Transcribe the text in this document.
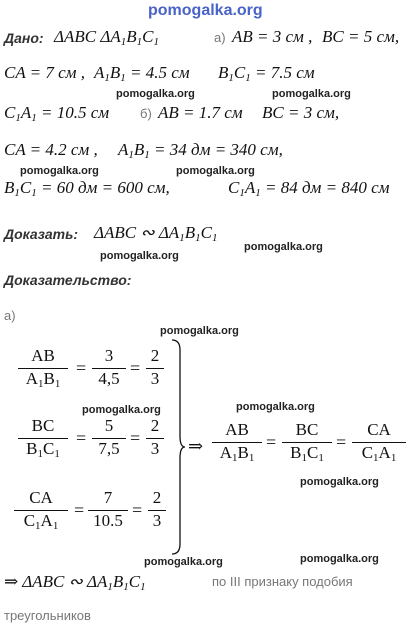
pomogalka.org
Дано: ΔABC $\Delta A_1B_1C_1$	а) AB = 3 см , BC = 5 см,
CA = 7 см , $A_1B_1 = 4.5$ см $B_1C_1 = 7.5$ см
pomogalka.org	pomogalka.org
$C_1A_1 = 10.5$ см б) AB = 1.7 см BC = 3 см,
CA = 4.2 см , $A_1B_1 = 34$ дм = 340 см,
pomogalka.org	pomogalka.org
$B_1C_1 = 60$ дм = 600 см,	$C_1A_1 = 84$ дм = 840 см
Доказать: ΔABC ∾ $\Delta A_1B_1C_1$
pomogalka.org
pomogalka.org
Доказательство:
а)
pomogalka.org
$\frac{AB}{A_1B_1} = \frac{3}{4,5} = \frac{2}{3}$
pomogalka.org
$\frac{BC}{B_1C_1} = \frac{5}{7,5} = \frac{2}{3}$
$\frac{CA}{C_1A_1} = \frac{7}{10.5} = \frac{2}{3}$
⇒
pomogalka.org
$\frac{AB}{A_1B_1} = \frac{BC}{B_1C_1} = \frac{CA}{C_1A_1}$
pomogalka.org
pomogalka.org	pomogalka.org
⇒ ΔABC ∾ $\Delta A_1B_1C_1$	по III признаку подобия
треугольников
